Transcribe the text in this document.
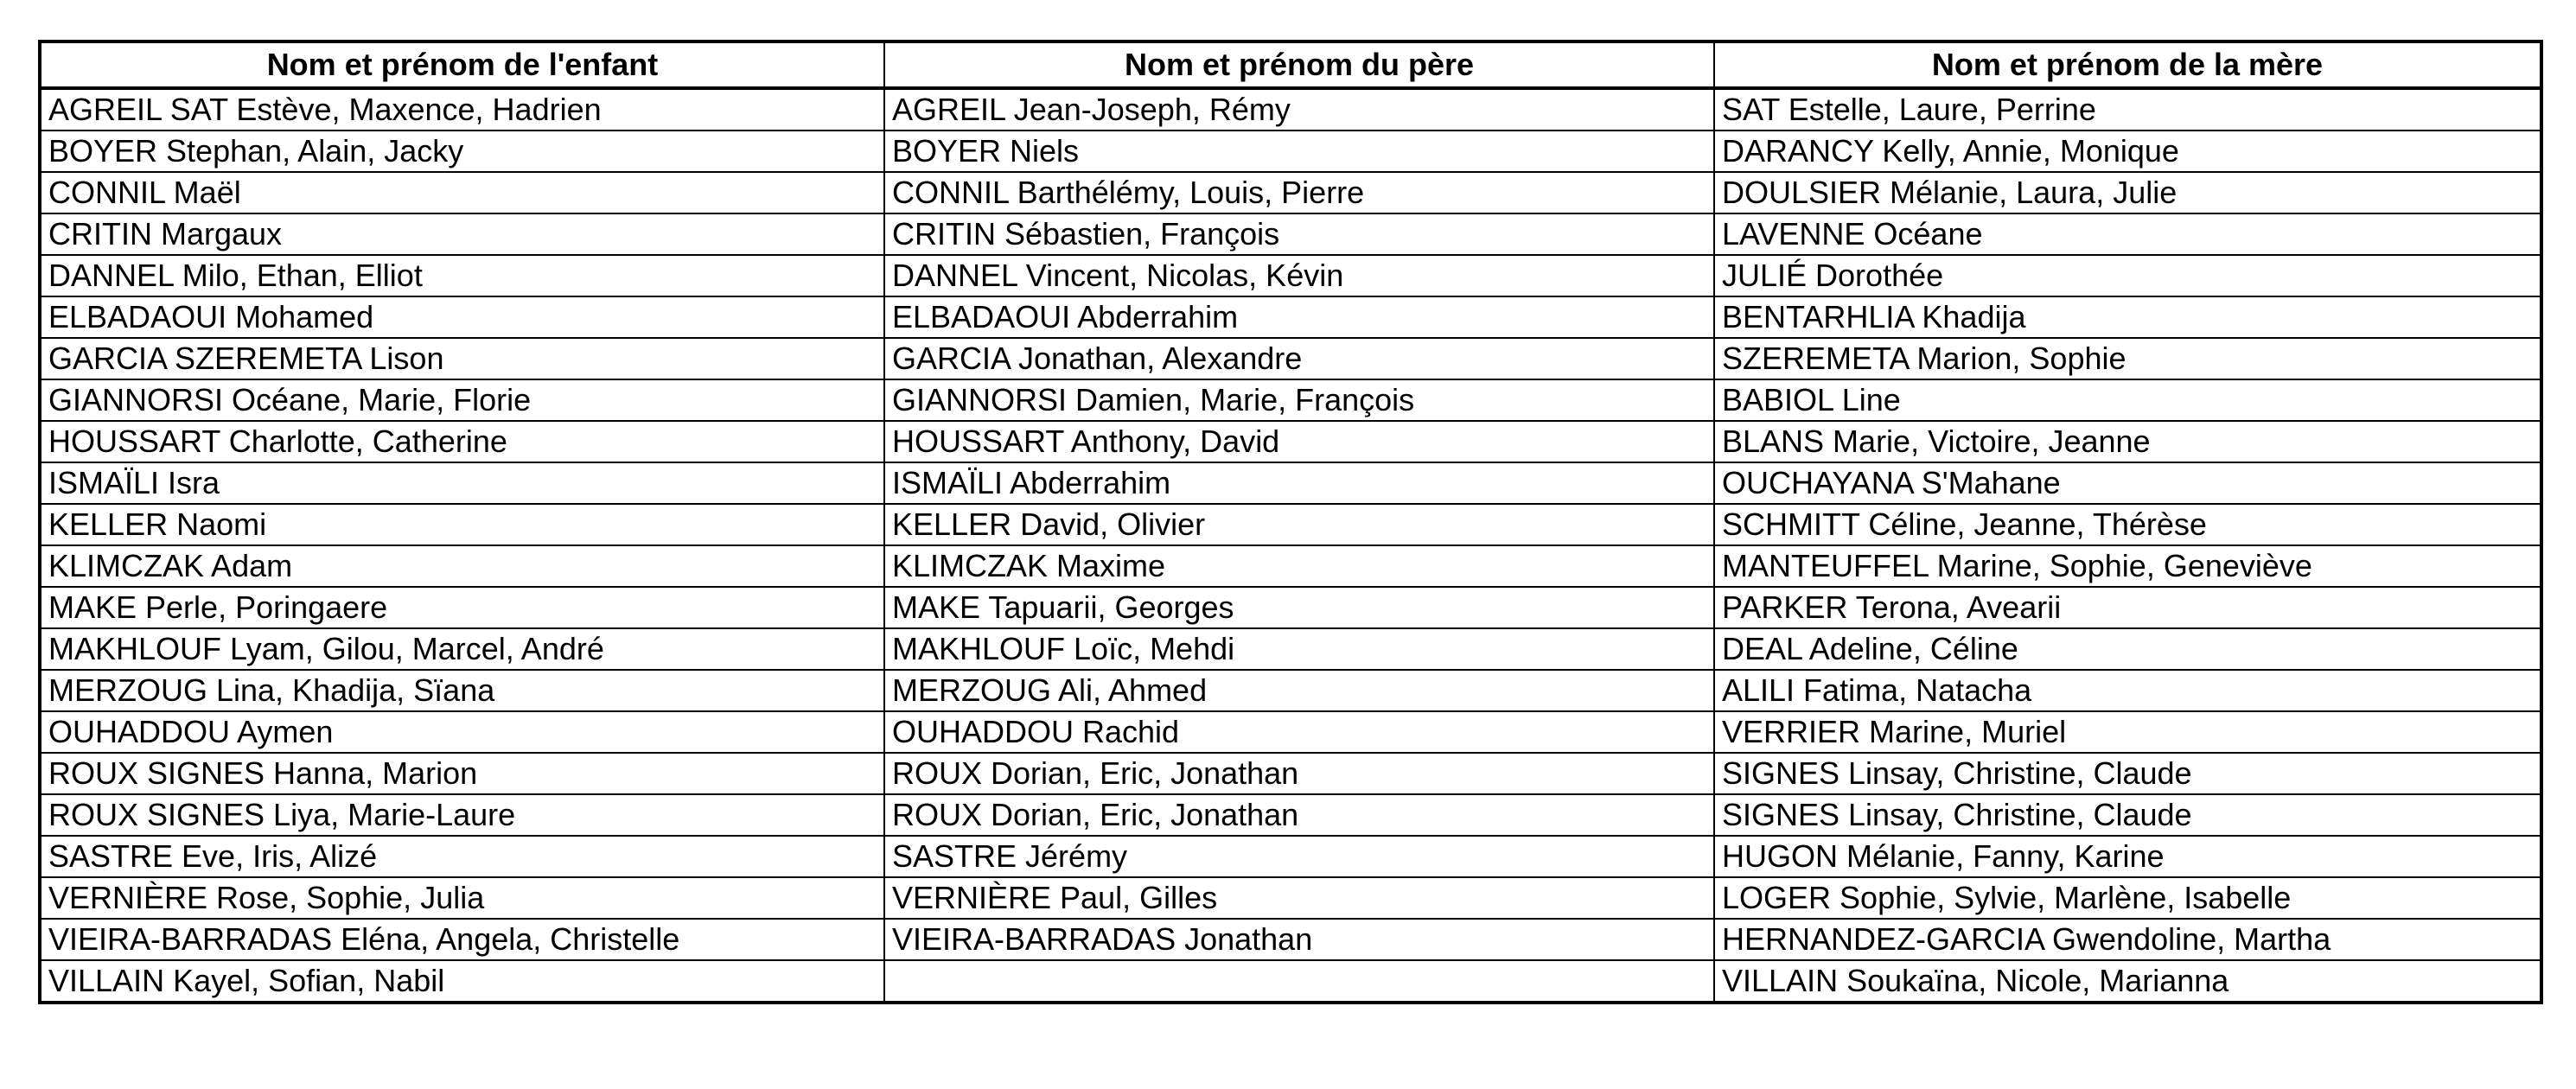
Nom et prénom de l'enfant	Nom et prénom du père	Nom et prénom de la mère
AGREIL SAT Estève, Maxence, Hadrien	AGREIL Jean-Joseph, Rémy	SAT Estelle, Laure, Perrine
BOYER Stephan, Alain, Jacky	BOYER Niels	DARANCY Kelly, Annie, Monique
CONNIL Maël	CONNIL Barthélémy, Louis, Pierre	DOULSIER Mélanie, Laura, Julie
CRITIN Margaux	CRITIN Sébastien, François	LAVENNE Océane
DANNEL Milo, Ethan, Elliot	DANNEL Vincent, Nicolas, Kévin	JULIÉ Dorothée
ELBADAOUI Mohamed	ELBADAOUI Abderrahim	BENTARHLIA Khadija
GARCIA SZEREMETA Lison	GARCIA Jonathan, Alexandre	SZEREMETA Marion, Sophie
GIANNORSI Océane, Marie, Florie	GIANNORSI Damien, Marie, François	BABIOL Line
HOUSSART Charlotte, Catherine	HOUSSART Anthony, David	BLANS Marie, Victoire, Jeanne
ISMAÏLI Isra	ISMAÏLI Abderrahim	OUCHAYANA S'Mahane
KELLER Naomi	KELLER David, Olivier	SCHMITT Céline, Jeanne, Thérèse
KLIMCZAK Adam	KLIMCZAK Maxime	MANTEUFFEL Marine, Sophie, Geneviève
MAKE Perle, Poringaere	MAKE Tapuarii, Georges	PARKER Terona, Avearii
MAKHLOUF Lyam, Gilou, Marcel, André	MAKHLOUF Loïc, Mehdi	DEAL Adeline, Céline
MERZOUG Lina, Khadija, Sïana	MERZOUG Ali, Ahmed	ALILI Fatima, Natacha
OUHADDOU Aymen	OUHADDOU Rachid	VERRIER Marine, Muriel
ROUX SIGNES Hanna, Marion	ROUX Dorian, Eric, Jonathan	SIGNES Linsay, Christine, Claude
ROUX SIGNES Liya, Marie-Laure	ROUX Dorian, Eric, Jonathan	SIGNES Linsay, Christine, Claude
SASTRE Eve, Iris, Alizé	SASTRE Jérémy	HUGON Mélanie, Fanny, Karine
VERNIÈRE Rose, Sophie, Julia	VERNIÈRE Paul, Gilles	LOGER Sophie, Sylvie, Marlène, Isabelle
VIEIRA-BARRADAS Eléna, Angela, Christelle	VIEIRA-BARRADAS Jonathan	HERNANDEZ-GARCIA Gwendoline, Martha
VILLAIN Kayel, Sofian, Nabil		VILLAIN Soukaïna, Nicole, Marianna
